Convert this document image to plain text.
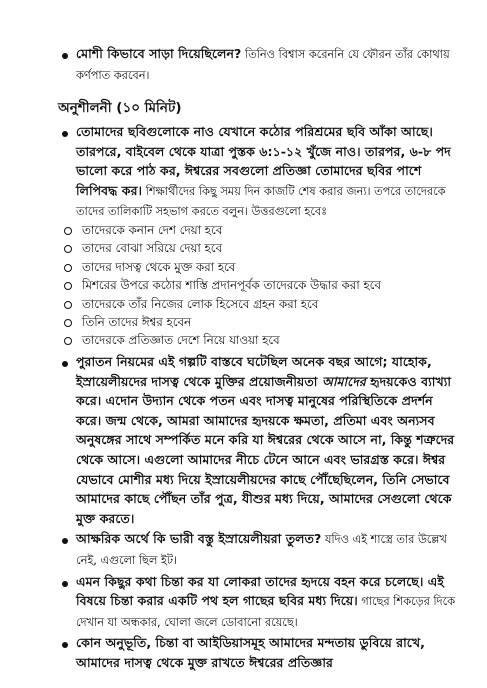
মোশী কিভাবে সাড়া দিয়েছিলেন? তিনিও বিশ্বাস করেননি যে ফৌরন তাঁর কোথায় কর্ণপাত করবেন।
অনুশীলনী (১০ মিনিট)
তোমাদের ছবিগুলোকে নাও যেখানে কঠোর পরিশ্রমের ছবি আঁকা আছে। তারপরে, বাইবেল থেকে যাত্রা পুস্তক ৬:১-১২ খুঁজে নাও। তারপর, ৬-৮ পদ ভালো করে পাঠ কর, ঈশ্বরের সবগুলো প্রতিজ্ঞা তোমাদের ছবির পাশে লিপিবদ্ধ কর। শিক্ষার্থীদের কিছু সময় দিন কাজটি শেষ করার জন্য। তপরে তাদেরকে তাদের তালিকাটি সহভাগ করতে বলুন। উত্তরগুলো হবেঃ
তাদেরকে কনান দেশ দেয়া হবে
তাদের বোঝা সরিয়ে দেয়া হবে
তাদের দাসত্ব থেকে মুক্ত করা হবে
মিশরের উপরে কঠোর শাস্তি প্রদানপূর্বক তাদেরকে উদ্ধার করা হবে
তাদেরকে তাঁর নিজের লোক হিসেবে গ্রহন করা হবে
তিনি তাদের ঈশ্বর হবেন
তাদেরকে প্রতিজ্ঞাত দেশে নিয়ে যাওয়া হবে
পুরাতন নিয়মের এই গল্পটি বাস্তবে ঘটেছিল অনেক বছর আগে; যাহোক, ইস্রায়েলীয়দের দাসত্ব থেকে মুক্তির প্রয়োজনীয়তা আমাদের হৃদয়কেও ব্যাখ্যা করে। এদোন উদ্যান থেকে পতন এবং দাসত্ব মানুষের পরিস্থিতিকে প্রদর্শন করে। জন্ম থেকে, আমরা আমাদের হৃদয়কে ক্ষমতা, প্রতিমা এবং অন্যসব অনুষঙ্গের সাথে সম্পর্কিত মনে করি যা ঈশ্বরের থেকে আসে না, কিন্তু শত্রুদের থেকে আসে। এগুলো আমাদের নীচে টেনে আনে এবং ভারগ্রস্ত করে। ঈশ্বর যেভাবে মোশীর মধ্য দিয়ে ইস্রায়েলীয়দের কাছে পৌঁছেছিলেন, তিনি সেভাবে আমাদের কাছে পৌঁছন তাঁর পুত্র, যীশুর মধ্য দিয়ে, আমাদের সেগুলো থেকে মুক্ত করতে।
আক্ষরিক অর্থে কি ভারী বস্তু ইস্রায়েলীয়রা তুলত? যদিও এই শাস্ত্রে তার উল্লেখ নেই, এগুলো ছিল ইট।
এমন কিছুর কথা চিন্তা কর যা লোকরা তাদের হৃদয়ে বহন করে চলেছে। এই বিষয়ে চিন্তা করার একটি পথ হল গাছের ছবির মধ্য দিয়ে। গাছের শিকড়ের দিকে দেখান যা অন্ধকার, ঘোলা জলে ডোবানো রয়েছে।
কোন অনুভূতি, চিন্তা বা আইডিয়াসমূহ আমাদের মন্দতায় ডুবিয়ে রাখে, আমাদের দাসত্ব থেকে মুক্ত রাখতে ঈশ্বরের প্রতিজ্ঞার
